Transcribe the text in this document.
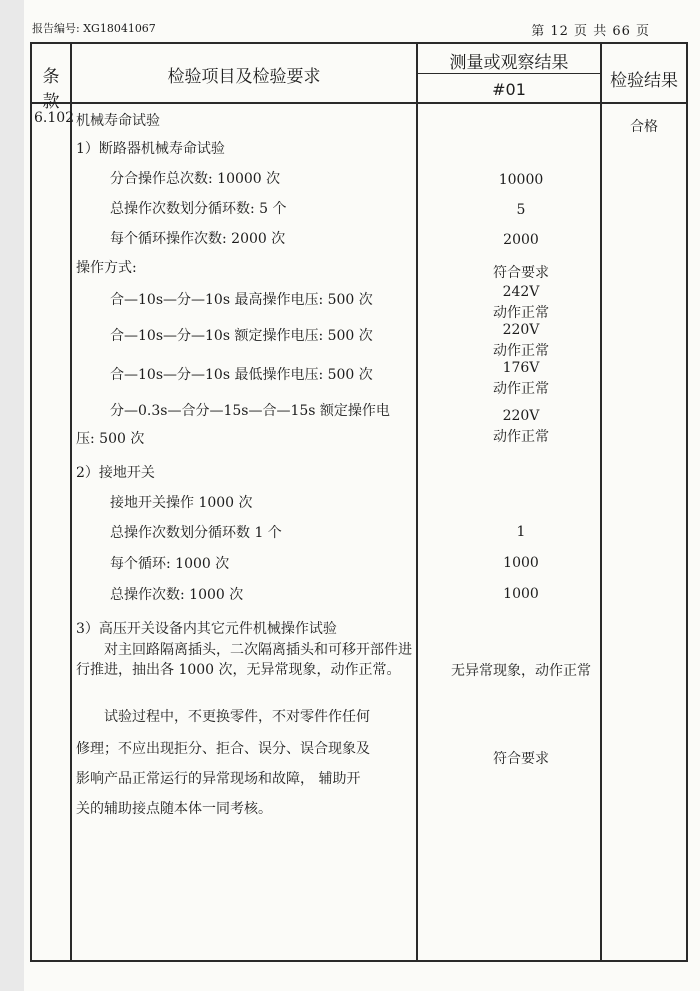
报告编号: XG18041067	第 12 页 共 66 页
条 款
检验项目及检验要求
测量或观察结果
#01	检验结果
6.102
合格
机械寿命试验
1）断路器机械寿命试验
分合操作总次数: 10000 次
总操作次数划分循环数: 5 个
每个循环操作次数: 2000 次
操作方式:
合—10s—分—10s 最高操作电压: 500 次
合—10s—分—10s 额定操作电压: 500 次
合—10s—分—10s 最低操作电压: 500 次
分—0.3s—合分—15s—合—15s 额定操作电
压: 500 次
2）接地开关
接地开关操作 1000 次
总操作次数划分循环数 1 个
每个循环: 1000 次
总操作次数: 1000 次
3）高压开关设备内其它元件机械操作试验
对主回路隔离插头，二次隔离插头和可移开部件进行推进，抽出各 1000 次，无异常现象，动作正常。
试验过程中，不更换零件，不对零件作任何
修理；不应出现拒分、拒合、误分、误合现象及
影响产品正常运行的异常现场和故障， 辅助开
关的辅助接点随本体一同考核。
10000
5
2000
符合要求
242V
动作正常
220V
动作正常
176V
动作正常
220V
动作正常
1
1000
1000
无异常现象，动作正常
符合要求
